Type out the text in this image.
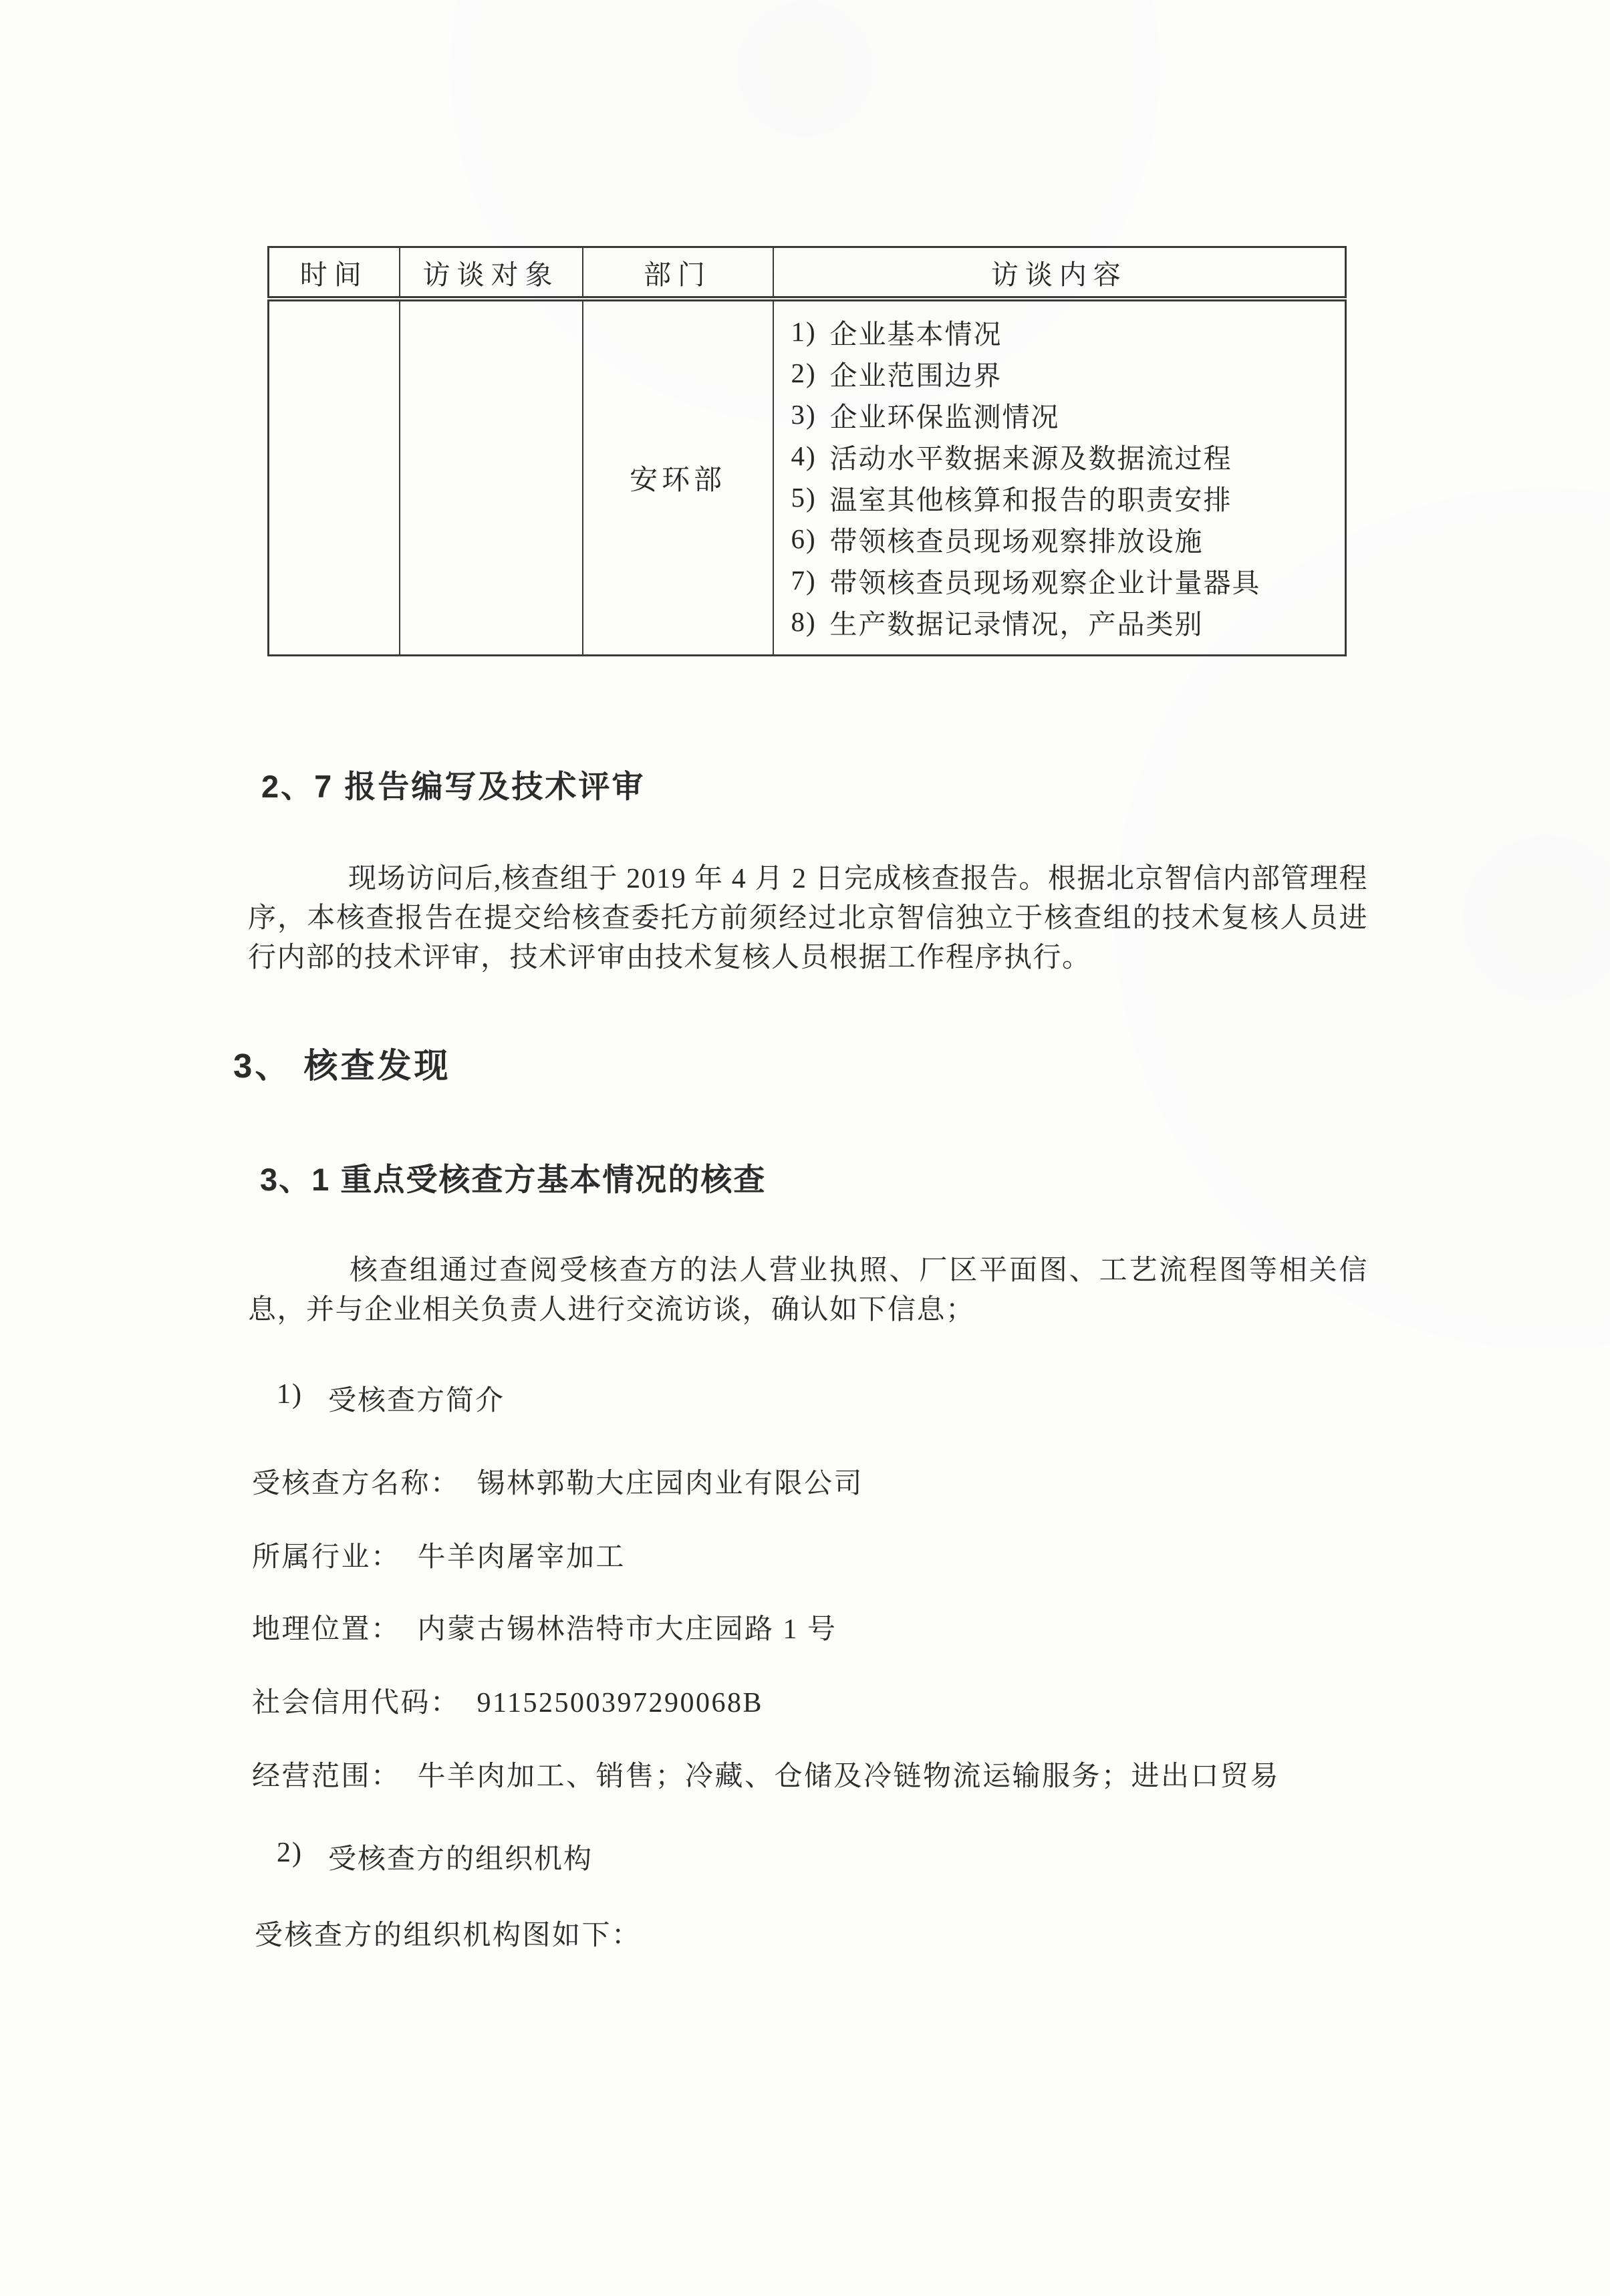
时间	访谈对象	部门	访谈内容
		安环部	
1) 企业基本情况
2) 企业范围边界
3) 企业环保监测情况
4) 活动水平数据来源及数据流过程
5) 温室其他核算和报告的职责安排
6) 带领核查员现场观察排放设施
7) 带领核查员现场观察企业计量器具
8) 生产数据记录情况，产品类别
2、7 报告编写及技术评审
现场访问后,核查组于 2019 年 4 月 2 日完成核查报告。根据北京智信内部管理程序，本核查报告在提交给核查委托方前须经过北京智信独立于核查组的技术复核人员进行内部的技术评审，技术评审由技术复核人员根据工作程序执行。
3、 核查发现
3、1 重点受核查方基本情况的核查
核查组通过查阅受核查方的法人营业执照、厂区平面图、工艺流程图等相关信息，并与企业相关负责人进行交流访谈，确认如下信息；
1) 受核查方简介
受核查方名称： 锡林郭勒大庄园肉业有限公司
所属行业： 牛羊肉屠宰加工
地理位置： 内蒙古锡林浩特市大庄园路 1 号
社会信用代码： 91152500397290068B
经营范围： 牛羊肉加工、销售；冷藏、仓储及冷链物流运输服务；进出口贸易
2) 受核查方的组织机构
受核查方的组织机构图如下：
